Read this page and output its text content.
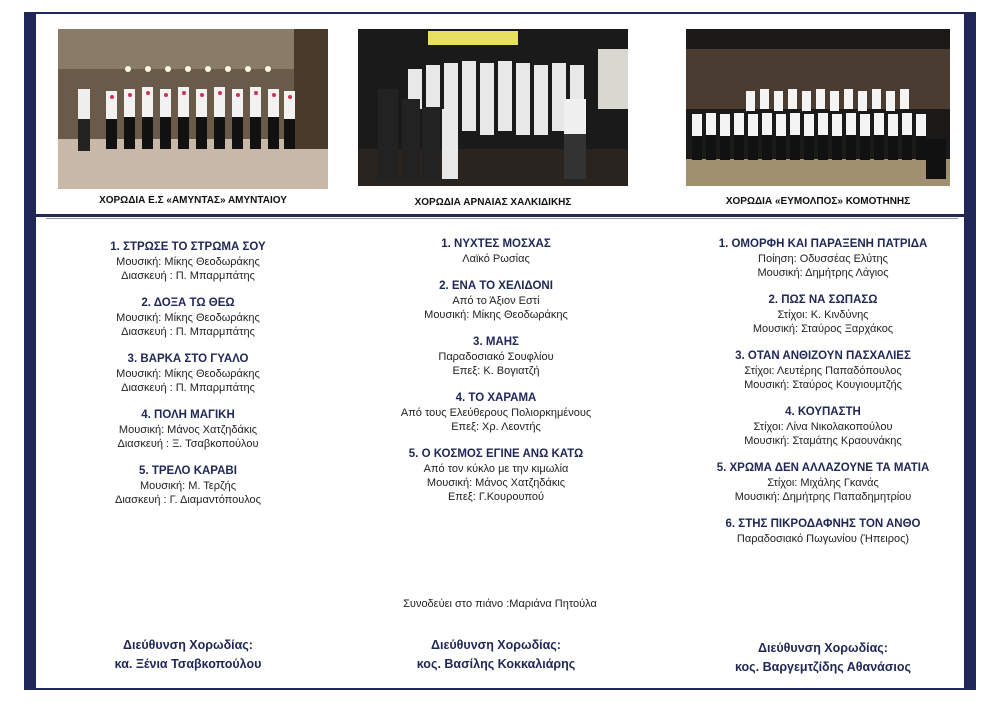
ΧΟΡΩΔΙΑ Ε.Σ «ΑΜΥΝΤΑΣ» ΑΜΥΝΤΑΙΟΥ	ΧΟΡΩΔΙΑ ΑΡΝΑΙΑΣ ΧΑΛΚΙΔΙΚΗΣ	ΧΟΡΩΔΙΑ «ΕΥΜΟΛΠΟΣ» ΚΟΜΟΤΗΝΗΣ
1. ΣΤΡΩΣΕ ΤΟ ΣΤΡΩΜΑ ΣΟΥ
Μουσική: Μίκης Θεοδωράκης
Διασκευή : Π. Μπαρμπάτης
2. ΔΟΞΑ ΤΩ ΘΕΩ
Μουσική: Μίκης Θεοδωράκης
Διασκευή : Π. Μπαρμπάτης
3. ΒΑΡΚΑ ΣΤΟ ΓΥΑΛΟ
Μουσική: Μίκης Θεοδωράκης
Διασκευή : Π. Μπαρμπάτης
4. ΠΟΛΗ ΜΑΓΙΚΗ
Μουσική: Μάνος Χατζηδάκις
Διασκευή : Ξ. Τσαβκοπούλου
5. ΤΡΕΛΟ ΚΑΡΑΒΙ
Μουσική: Μ. Τερζής
Διασκευή : Γ. Διαμαντόπουλος
1. ΝΥΧΤΕΣ ΜΟΣΧΑΣ
Λαϊκό Ρωσίας
2. ΕΝΑ ΤΟ ΧΕΛΙΔΟΝΙ
Από το Άξιον Εστί
Μουσική: Μίκης Θεοδωράκης
3. ΜΑΗΣ
Παραδοσιακό Σουφλίου
Επεξ: Κ. Βογιατζή
4. ΤΟ ΧΑΡΑΜΑ
Από τους Ελεύθερους Πολιορκημένους
Επεξ: Χρ. Λεοντής
5. Ο ΚΟΣΜΟΣ ΕΓΙΝΕ ΑΝΩ ΚΑΤΩ
Από τον κύκλο με την κιμωλία
Μουσική: Μάνος Χατζηδάκις
Επεξ: Γ.Κουρουπού
1. ΟΜΟΡΦΗ ΚΑΙ ΠΑΡΑΞΕΝΗ ΠΑΤΡΙΔΑ
Ποίηση: Οδυσσέας Ελύτης
Μουσική: Δημήτρης Λάγιος
2. ΠΩΣ ΝΑ ΣΩΠΑΣΩ
Στίχοι: Κ. Κινδύνης
Μουσική: Σταύρος Ξαρχάκος
3. ΟΤΑΝ ΑΝΘΙΖΟΥΝ ΠΑΣΧΑΛΙΕΣ
Στίχοι: Λευτέρης Παπαδόπουλος
Μουσική: Σταύρος Κουγιουμτζής
4. ΚΟΥΠΑΣΤΗ
Στίχοι: Λίνα Νικολακοπούλου
Μουσική: Σταμάτης Κραουνάκης
5. ΧΡΩΜΑ ΔΕΝ ΑΛΛΑΖΟΥΝΕ ΤΑ ΜΑΤΙΑ
Στίχοι: Μιχάλης Γκανάς
Μουσική: Δημήτρης Παπαδημητρίου
6. ΣΤΗΣ ΠΙΚΡΟΔΑΦΝΗΣ ΤΟΝ ΑΝΘΟ
Παραδοσιακό Πωγωνίου (Ήπειρος)
Συνοδεύει στο πιάνο :Μαριάνα Πητούλα
Διεύθυνση Χορωδίας:
κα. Ξένια Τσαβκοπούλου
Διεύθυνση Χορωδίας:
κος. Βασίλης Κοκκαλιάρης
Διεύθυνση Χορωδίας:
κος. Βαργεμτζίδης Αθανάσιος
